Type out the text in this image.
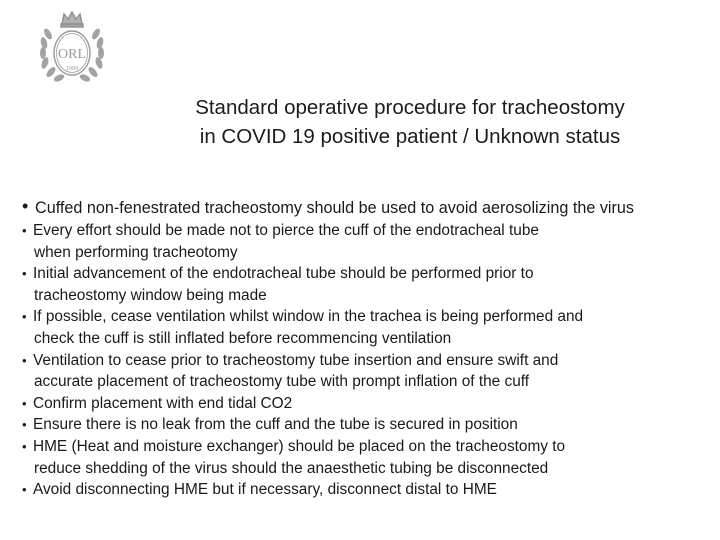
ORL
1909
Standard operative procedure for tracheostomy
in COVID 19 positive patient / Unknown status
• Cuffed non-fenestrated tracheostomy should be used to avoid aerosolizing the virus
• Every effort should be made not to pierce the cuff of the endotracheal tube
when performing tracheotomy
• Initial advancement of the endotracheal tube should be performed prior to
tracheostomy window being made
• If possible, cease ventilation whilst window in the trachea is being performed and
check the cuff is still inflated before recommencing ventilation
• Ventilation to cease prior to tracheostomy tube insertion and ensure swift and
accurate placement of tracheostomy tube with prompt inflation of the cuff
• Confirm placement with end tidal CO2
• Ensure there is no leak from the cuff and the tube is secured in position
• HME (Heat and moisture exchanger) should be placed on the tracheostomy to
reduce shedding of the virus should the anaesthetic tubing be disconnected
• Avoid disconnecting HME but if necessary, disconnect distal to HME
